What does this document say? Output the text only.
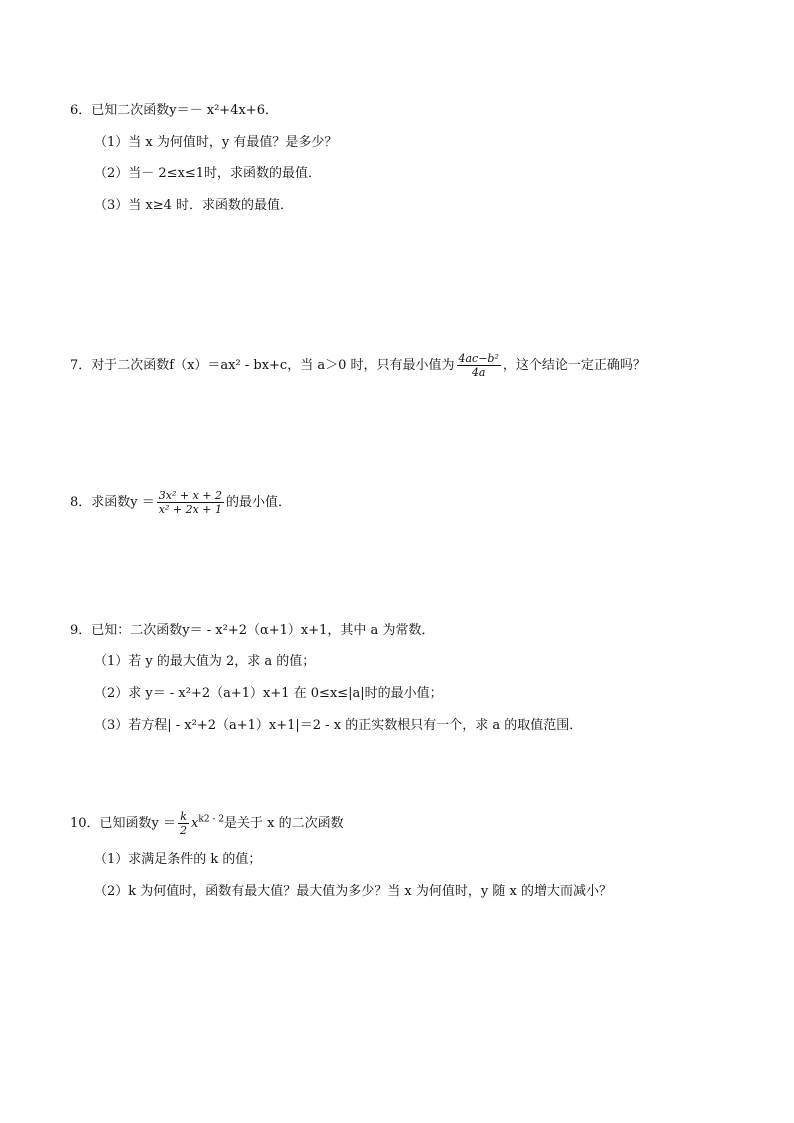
6．已知二次函数y＝－ x²+4x+6．
（1）当 x 为何值时，y 有最值？是多少？
（2）当－ 2≤x≤1时，求函数的最值．
（3）当 x≥4 时．求函数的最值．
7．对于二次函数f（x）＝ax² - bx+c，当 a＞0 时，只有最小值为 $\frac{\text{4ac−b²}}{4a}$ ，这个结论一定正确吗？
8．求函数$y = \frac{\text{3x² + x + 2}}{\text{x² + 2x + 1}}$ 的最小值．
9．已知：二次函数y＝ - x²+2（α+1）x+1，其中 a 为常数．
（1）若 y 的最大值为 2，求 a 的值；
（2）求 y＝ - x²+2（a+1）x+1 在 0≤x≤|a|时的最小值；
（3）若方程| - x²+2（a+1）x+1|＝2 - x 的正实数根只有一个，求 a 的取值范围．
10．已知函数$y = \frac{k}{2} x^{k2 - 2}$是关于 x 的二次函数
（1）求满足条件的 k 的值；
（2）k 为何值时，函数有最大值？最大值为多少？当 x 为何值时，y 随 x 的增大而减小？
